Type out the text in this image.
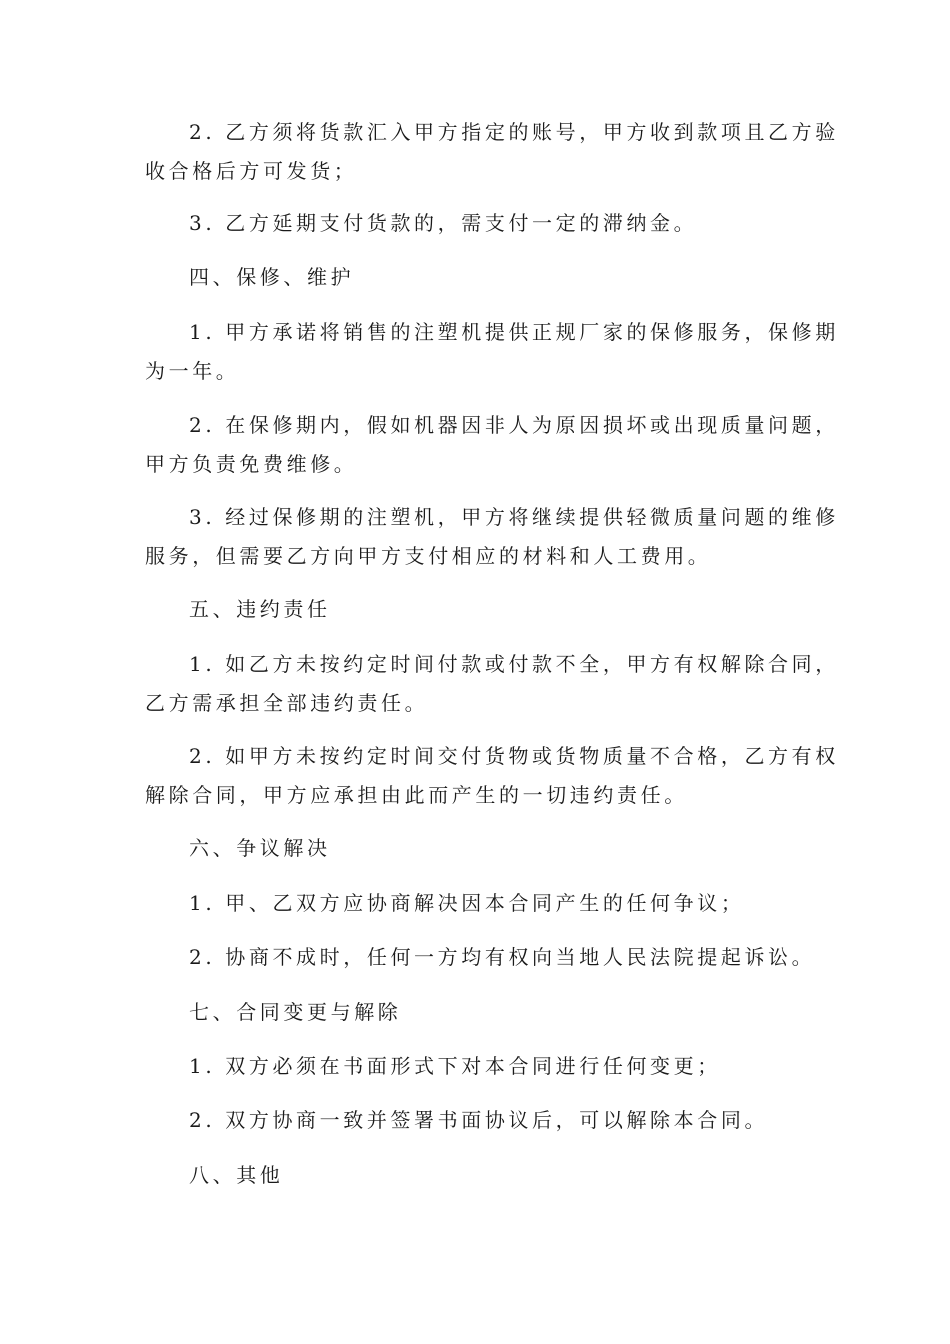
2. 乙方须将货款汇入甲方指定的账号，甲方收到款项且乙方验
收合格后方可发货；

3. 乙方延期支付货款的，需支付一定的滞纳金。

四、保修、维护

1. 甲方承诺将销售的注塑机提供正规厂家的保修服务，保修期
为一年。

2. 在保修期内，假如机器因非人为原因损坏或出现质量问题，
甲方负责免费维修。

3. 经过保修期的注塑机，甲方将继续提供轻微质量问题的维修
服务，但需要乙方向甲方支付相应的材料和人工费用。

五、违约责任

1. 如乙方未按约定时间付款或付款不全，甲方有权解除合同，
乙方需承担全部违约责任。

2. 如甲方未按约定时间交付货物或货物质量不合格，乙方有权
解除合同，甲方应承担由此而产生的一切违约责任。

六、争议解决

1. 甲、乙双方应协商解决因本合同产生的任何争议；

2. 协商不成时，任何一方均有权向当地人民法院提起诉讼。

七、合同变更与解除

1. 双方必须在书面形式下对本合同进行任何变更；

2. 双方协商一致并签署书面协议后，可以解除本合同。

八、其他
